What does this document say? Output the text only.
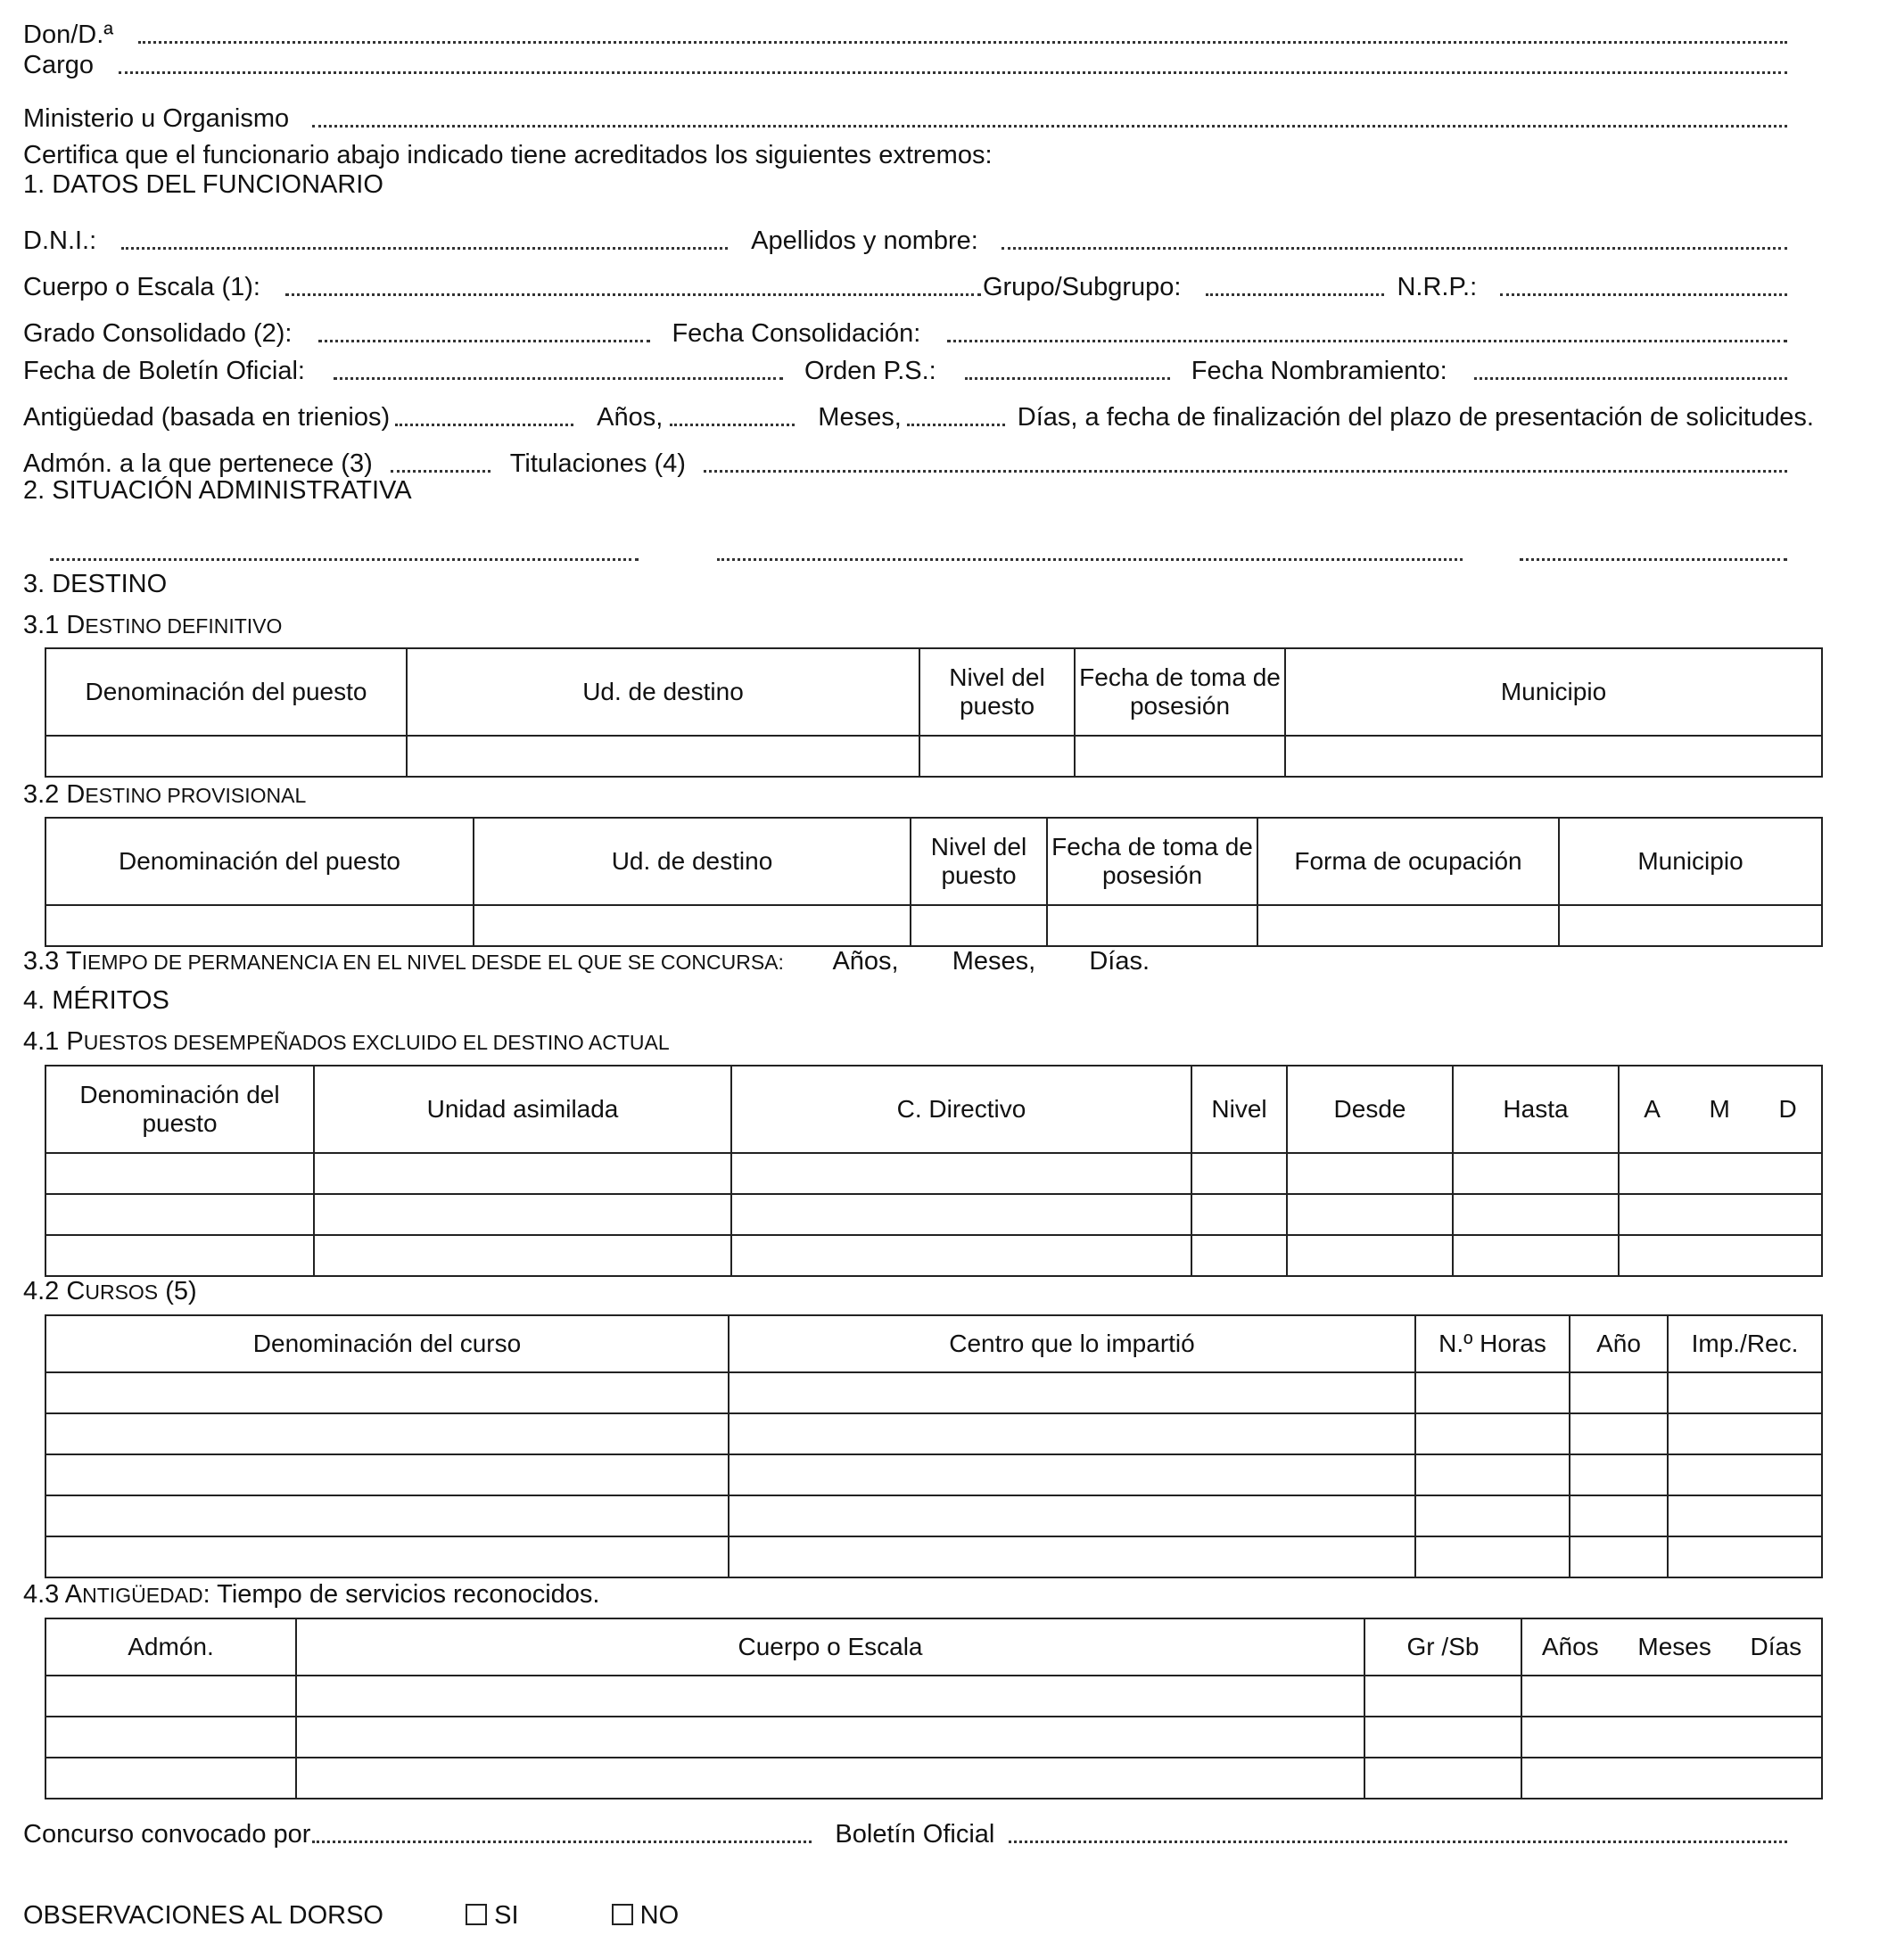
Don/D.ª
Cargo
Ministerio u Organismo
Certifica que el funcionario abajo indicado tiene acreditados los siguientes extremos:
1. DATOS DEL FUNCIONARIO
D.N.I.:	Apellidos y nombre:
Cuerpo o Escala (1):	Grupo/Subgrupo:	N.R.P.:
Grado Consolidado (2):	Fecha Consolidación:
Fecha de Boletín Oficial:	Orden P.S.:	Fecha Nombramiento:
Antigüedad (basada en trienios)	Años,	Meses,	Días, a fecha de finalización del plazo de presentación de solicitudes.
Admón. a la que pertenece (3)	Titulaciones (4)
2. SITUACIÓN ADMINISTRATIVA
3. DESTINO
3.1 DESTINO DEFINITIVO
Denominación del puesto	Ud. de destino	Nivel del puesto	Fecha de toma de posesión	Municipio

3.2 DESTINO PROVISIONAL
Denominación del puesto	Ud. de destino	Nivel del puesto	Fecha de toma de posesión	Forma de ocupación	Municipio

3.3 TIEMPO DE PERMANENCIA EN EL NIVEL DESDE EL QUE SE CONCURSA: Años, Meses, Días.
4. MÉRITOS
4.1 PUESTOS DESEMPEÑADOS EXCLUIDO EL DESTINO ACTUAL
Denominación del puesto	Unidad asimilada	C. Directivo	Nivel	Desde	Hasta	A M D

4.2 CURSOS (5)
Denominación del curso	Centro que lo impartió	N.º Horas	Año	Imp./Rec.

4.3 ANTIGÜEDAD: Tiempo de servicios reconocidos.
Admón.	Cuerpo o Escala	Gr /Sb	Años Meses Días

Concurso convocado por	Boletín Oficial
OBSERVACIONES AL DORSO	SI	NO
